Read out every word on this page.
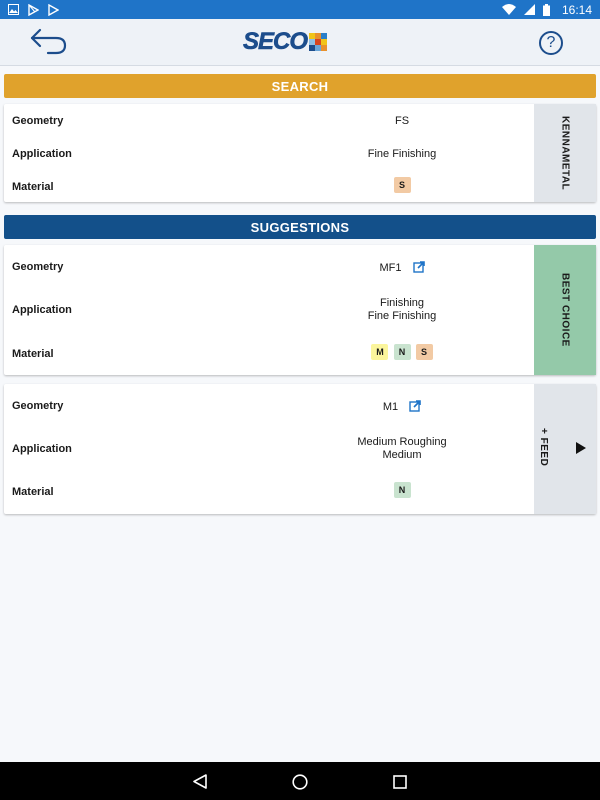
16:14
SECO	?
SEARCH
Geometry	FS
Application	Fine Finishing
Material	S	KENNAMETAL
SUGGESTIONS
Geometry	MF1
Application
Finishing
Fine Finishing
Material	M N S
BEST CHOICE
Geometry	M1
Application
Medium Roughing
Medium
Material	N
+ FEED
